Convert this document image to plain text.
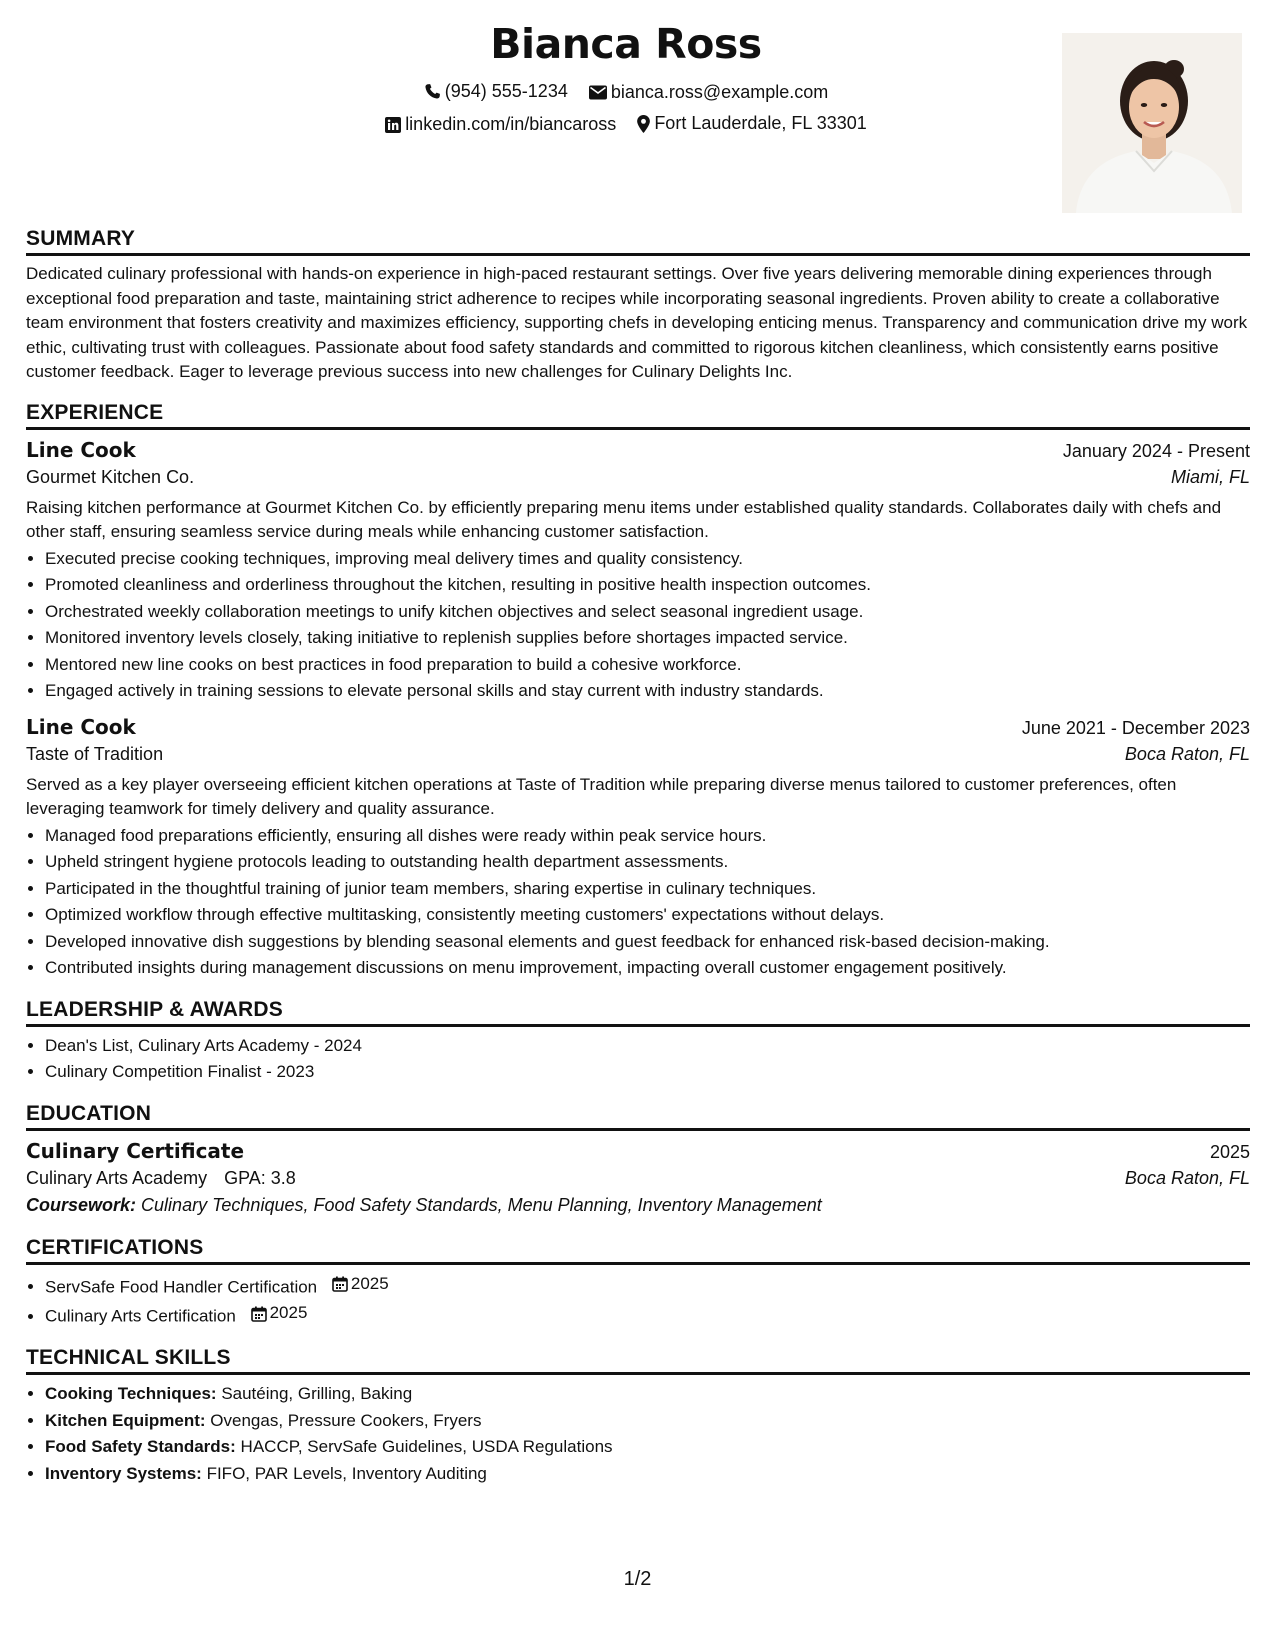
Bianca Ross
(954) 555-1234
bianca.ross@example.com
linkedin.com/in/biancaross
Fort Lauderdale, FL 33301
SUMMARY

Dedicated culinary professional with hands-on experience in high-paced restaurant settings. Over five years delivering memorable dining experiences through exceptional food preparation and taste, maintaining strict adherence to recipes while incorporating seasonal ingredients. Proven ability to create a collaborative team environment that fosters creativity and maximizes efficiency, supporting chefs in developing enticing menus. Transparency and communication drive my work ethic, cultivating trust with colleagues. Passionate about food safety standards and committed to rigorous kitchen cleanliness, which consistently earns positive customer feedback. Eager to leverage previous success into new challenges for Culinary Delights Inc.

EXPERIENCE
Line Cook	January 2024 - Present
Gourmet Kitchen Co.	Miami, FL

Raising kitchen performance at Gourmet Kitchen Co. by efficiently preparing menu items under established quality standards. Collaborates daily with chefs and other staff, ensuring seamless service during meals while enhancing customer satisfaction.

• Executed precise cooking techniques, improving meal delivery times and quality consistency.
• Promoted cleanliness and orderliness throughout the kitchen, resulting in positive health inspection outcomes.
• Orchestrated weekly collaboration meetings to unify kitchen objectives and select seasonal ingredient usage.
• Monitored inventory levels closely, taking initiative to replenish supplies before shortages impacted service.
• Mentored new line cooks on best practices in food preparation to build a cohesive workforce.
• Engaged actively in training sessions to elevate personal skills and stay current with industry standards.
Line Cook	June 2021 - December 2023
Taste of Tradition	Boca Raton, FL

Served as a key player overseeing efficient kitchen operations at Taste of Tradition while preparing diverse menus tailored to customer preferences, often leveraging teamwork for timely delivery and quality assurance.

• Managed food preparations efficiently, ensuring all dishes were ready within peak service hours.
• Upheld stringent hygiene protocols leading to outstanding health department assessments.
• Participated in the thoughtful training of junior team members, sharing expertise in culinary techniques.
• Optimized workflow through effective multitasking, consistently meeting customers' expectations without delays.
• Developed innovative dish suggestions by blending seasonal elements and guest feedback for enhanced risk-based decision-making.
• Contributed insights during management discussions on menu improvement, impacting overall customer engagement positively.
LEADERSHIP & AWARDS
• Dean's List, Culinary Arts Academy - 2024
• Culinary Competition Finalist - 2023
EDUCATION
Culinary Certificate	2025
Culinary Arts Academy GPA: 3.8	Boca Raton, FL
Coursework: Culinary Techniques, Food Safety Standards, Menu Planning, Inventory Management
CERTIFICATIONS
• ServSafe Food Handler Certification 2025
• Culinary Arts Certification 2025
TECHNICAL SKILLS
• Cooking Techniques: Sautéing, Grilling, Baking
• Kitchen Equipment: Ovengas, Pressure Cookers, Fryers
• Food Safety Standards: HACCP, ServSafe Guidelines, USDA Regulations
• Inventory Systems: FIFO, PAR Levels, Inventory Auditing
1/2
